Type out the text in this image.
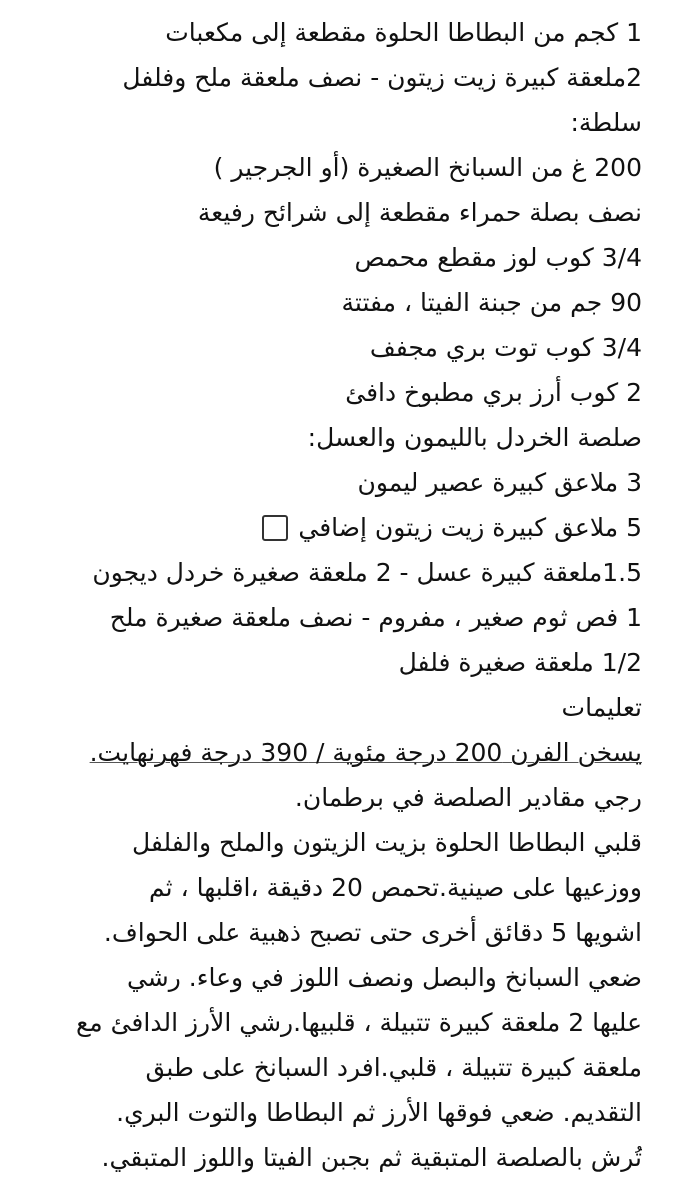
1 كجم من البطاطا الحلوة مقطعة إلى مكعبات
2ملعقة كبيرة زيت زيتون - نصف ملعقة ملح وفلفل
سلطة:
200 غ من السبانخ الصغيرة (أو الجرجير )
نصف بصلة حمراء مقطعة إلى شرائح رفيعة
3/4 كوب لوز مقطع محمص
90 جم من جبنة الفيتا ، مفتتة
3/4 كوب توت بري مجفف
2 كوب أرز بري مطبوخ دافئ
صلصة الخردل بالليمون والعسل:
3 ملاعق كبيرة عصير ليمون
5 ملاعق كبيرة زيت زيتون إضافي
1.5ملعقة كبيرة عسل - 2 ملعقة صغيرة خردل ديجون
1 فص ثوم صغير ، مفروم - نصف ملعقة صغيرة ملح
1/2 ملعقة صغيرة فلفل
تعليمات
يسخن الفرن 200 درجة مئوية / 390 درجة فهرنهايت.
رجي مقادير الصلصة في برطمان.
قلبي البطاطا الحلوة بزيت الزيتون والملح والفلفل
ووزعيها على صينية.تحمص 20 دقيقة ،اقلبها ، ثم
اشويها 5 دقائق أخرى حتى تصبح ذهبية على الحواف.
ضعي السبانخ والبصل ونصف اللوز في وعاء. رشي
عليها 2 ملعقة كبيرة تتبيلة ، قلبيها.رشي الأرز الدافئ مع
ملعقة كبيرة تتبيلة ، قلبي.افرد السبانخ على طبق
التقديم. ضعي فوقها الأرز ثم البطاطا والتوت البري.
تُرش بالصلصة المتبقية ثم بجبن الفيتا واللوز المتبقي.
